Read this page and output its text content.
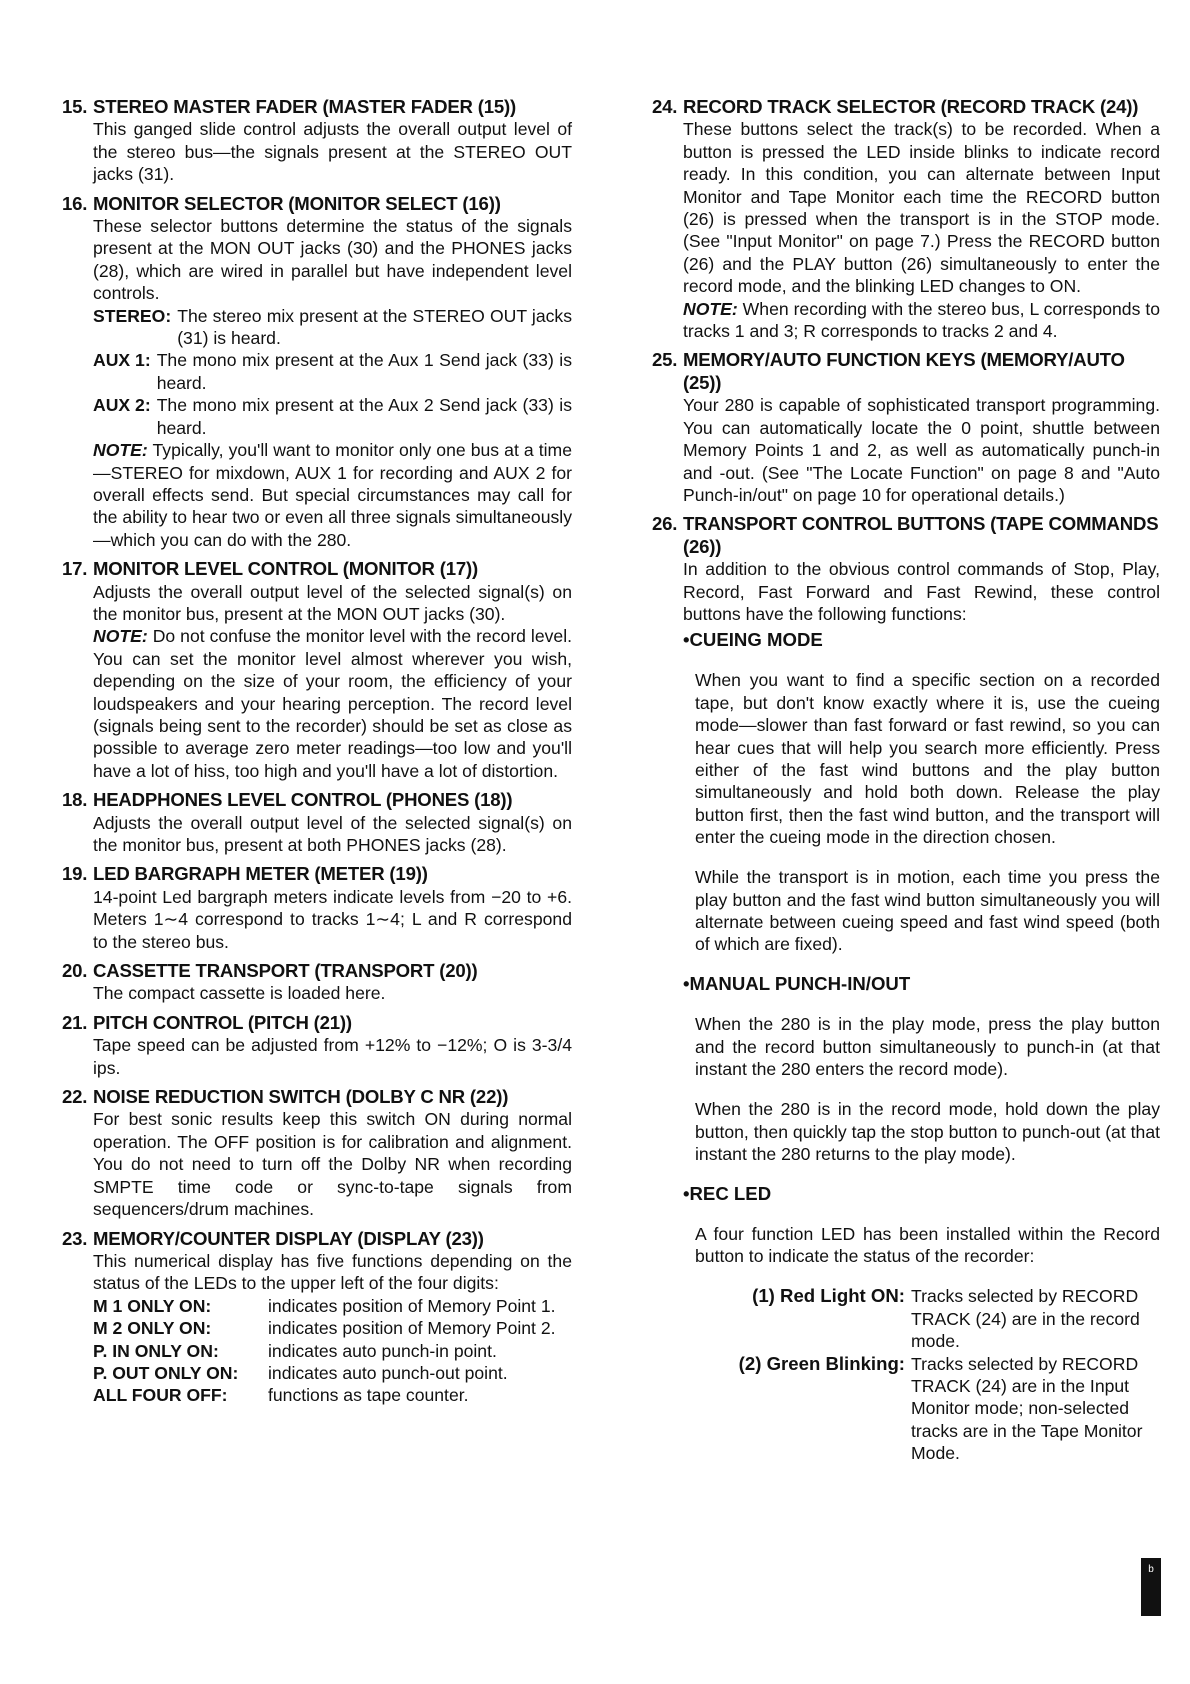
15. STEREO MASTER FADER (MASTER FADER (15))

This ganged slide control adjusts the overall output level of the stereo bus—the signals present at the STEREO OUT jacks (31).

16. MONITOR SELECTOR (MONITOR SELECT (16))

These selector buttons determine the status of the signals present at the MON OUT jacks (30) and the PHONES jacks (28), which are wired in parallel but have independent level controls.

STEREO: The stereo mix present at the STEREO OUT jacks (31) is heard.
AUX 1: The mono mix present at the Aux 1 Send jack (33) is heard.
AUX 2: The mono mix present at the Aux 2 Send jack (33) is heard.

NOTE: Typically, you'll want to monitor only one bus at a time—STEREO for mixdown, AUX 1 for recording and AUX 2 for overall effects send. But special circumstances may call for the ability to hear two or even all three signals simultaneously—which you can do with the 280.

17. MONITOR LEVEL CONTROL (MONITOR (17))

Adjusts the overall output level of the selected signal(s) on the monitor bus, present at the MON OUT jacks (30).

NOTE: Do not confuse the monitor level with the record level. You can set the monitor level almost wherever you wish, depending on the size of your room, the efficiency of your loudspeakers and your hearing perception. The record level (signals being sent to the recorder) should be set as close as possible to average zero meter readings—too low and you'll have a lot of hiss, too high and you'll have a lot of distortion.

18. HEADPHONES LEVEL CONTROL (PHONES (18))

Adjusts the overall output level of the selected signal(s) on the monitor bus, present at both PHONES jacks (28).

19. LED BARGRAPH METER (METER (19))

14-point Led bargraph meters indicate levels from −20 to +6. Meters 1∼4 correspond to tracks 1∼4; L and R correspond to the stereo bus.

20. CASSETTE TRANSPORT (TRANSPORT (20))

The compact cassette is loaded here.

21. PITCH CONTROL (PITCH (21))

Tape speed can be adjusted from +12% to −12%; O is 3-3/4 ips.

22. NOISE REDUCTION SWITCH (DOLBY C NR (22))

For best sonic results keep this switch ON during normal operation. The OFF position is for calibration and alignment. You do not need to turn off the Dolby NR when recording SMPTE time code or sync-to-tape signals from sequencers/drum machines.

23. MEMORY/COUNTER DISPLAY (DISPLAY (23))

This numerical display has five functions depending on the status of the LEDs to the upper left of the four digits:

M 1 ONLY ON:	indicates position of Memory Point 1.
M 2 ONLY ON:	indicates position of Memory Point 2.
P. IN ONLY ON:	indicates auto punch-in point.
P. OUT ONLY ON:	indicates auto punch-out point.
ALL FOUR OFF:	functions as tape counter.
24. RECORD TRACK SELECTOR (RECORD TRACK (24))

These buttons select the track(s) to be recorded. When a button is pressed the LED inside blinks to indicate record ready. In this condition, you can alternate between Input Monitor and Tape Monitor each time the RECORD button (26) is pressed when the transport is in the STOP mode. (See "Input Monitor" on page 7.) Press the RECORD button (26) and the PLAY button (26) simultaneously to enter the record mode, and the blinking LED changes to ON.

NOTE: When recording with the stereo bus, L corresponds to tracks 1 and 3; R corresponds to tracks 2 and 4.

25. MEMORY/AUTO FUNCTION KEYS (MEMORY/AUTO (25))

Your 280 is capable of sophisticated transport programming. You can automatically locate the 0 point, shuttle between Memory Points 1 and 2, as well as automatically punch-in and -out. (See "The Locate Function" on page 8 and "Auto Punch-in/out" on page 10 for operational details.)

26. TRANSPORT CONTROL BUTTONS (TAPE COMMANDS (26))

In addition to the obvious control commands of Stop, Play, Record, Fast Forward and Fast Rewind, these control buttons have the following functions:

•CUEING MODE

When you want to find a specific section on a recorded tape, but don't know exactly where it is, use the cueing mode—slower than fast forward or fast rewind, so you can hear cues that will help you search more efficiently. Press either of the fast wind buttons and the play button simultaneously and hold both down. Release the play button first, then the fast wind button, and the transport will enter the cueing mode in the direction chosen.

While the transport is in motion, each time you press the play button and the fast wind button simultaneously you will alternate between cueing speed and fast wind speed (both of which are fixed).

•MANUAL PUNCH-IN/OUT

When the 280 is in the play mode, press the play button and the record button simultaneously to punch-in (at that instant the 280 enters the record mode).

When the 280 is in the record mode, hold down the play button, then quickly tap the stop button to punch-out (at that instant the 280 returns to the play mode).

•REC LED

A four function LED has been installed within the Record button to indicate the status of the recorder:

(1) Red Light ON: Tracks selected by RECORD TRACK (24) are in the record mode.
(2) Green Blinking: Tracks selected by RECORD TRACK (24) are in the Input Monitor mode; non-selected tracks are in the Tape Monitor Mode.
b
